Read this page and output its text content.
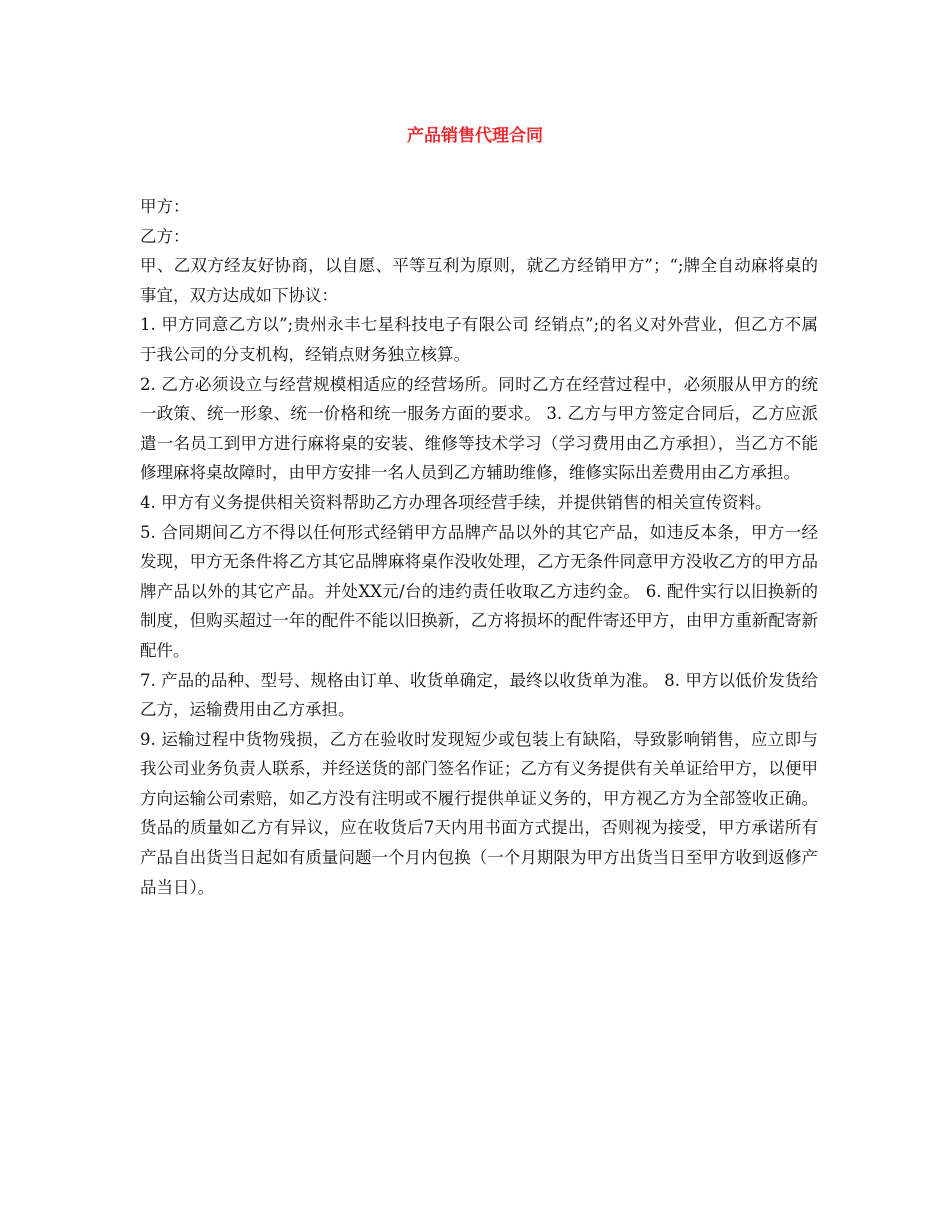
产品销售代理合同

甲方：

乙方：

甲、乙双方经友好协商，以自愿、平等互利为原则，就乙方经销甲方”；“;牌全自动麻将桌的事宜，双方达成如下协议：

1. 甲方同意乙方以”;贵州永丰七星科技电子有限公司 经销点”;的名义对外营业，但乙方不属于我公司的分支机构，经销点财务独立核算。

2. 乙方必须设立与经营规模相适应的经营场所。同时乙方在经营过程中，必须服从甲方的统一政策、统一形象、统一价格和统一服务方面的要求。 3. 乙方与甲方签定合同后，乙方应派遣一名员工到甲方进行麻将桌的安装、维修等技术学习（学习费用由乙方承担），当乙方不能修理麻将桌故障时，由甲方安排一名人员到乙方辅助维修，维修实际出差费用由乙方承担。

4. 甲方有义务提供相关资料帮助乙方办理各项经营手续，并提供销售的相关宣传资料。

5. 合同期间乙方不得以任何形式经销甲方品牌产品以外的其它产品，如违反本条，甲方一经发现，甲方无条件将乙方其它品牌麻将桌作没收处理，乙方无条件同意甲方没收乙方的甲方品牌产品以外的其它产品。并处XX元/台的违约责任收取乙方违约金。 6. 配件实行以旧换新的制度，但购买超过一年的配件不能以旧换新，乙方将损坏的配件寄还甲方，由甲方重新配寄新配件。

7. 产品的品种、型号、规格由订单、收货单确定，最终以收货单为准。 8. 甲方以低价发货给乙方，运输费用由乙方承担。

9. 运输过程中货物残损，乙方在验收时发现短少或包装上有缺陷，导致影响销售，应立即与我公司业务负责人联系，并经送货的部门签名作证；乙方有义务提供有关单证给甲方，以便甲方向运输公司索赔，如乙方没有注明或不履行提供单证义务的，甲方视乙方为全部签收正确。货品的质量如乙方有异议，应在收货后7天内用书面方式提出，否则视为接受，甲方承诺所有产品自出货当日起如有质量问题一个月内包换（一个月期限为甲方出货当日至甲方收到返修产品当日）。
